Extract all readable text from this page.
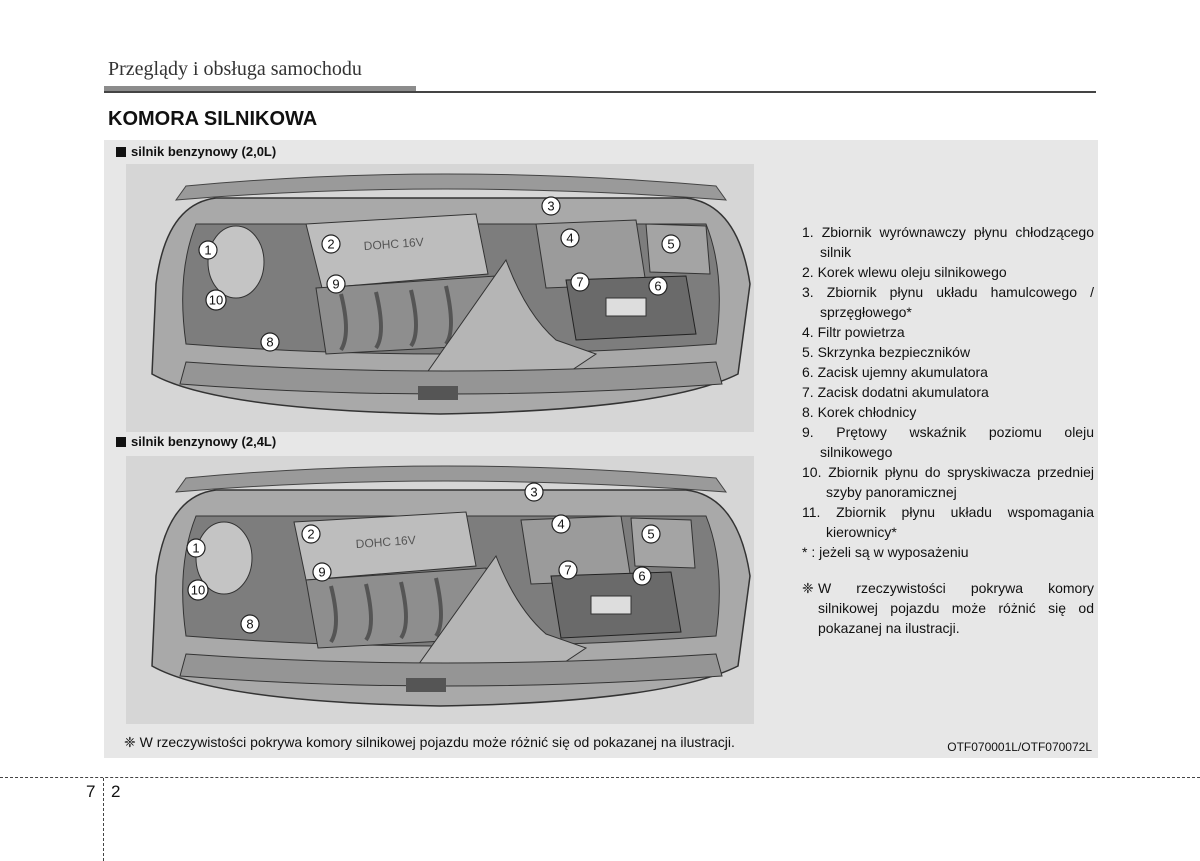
Przeglądy i obsługa samochodu
KOMORA SILNIKOWA
silnik benzynowy (2,0L)
DOHC 16V
1	2
3
4	5
6
7
8
9
10
silnik benzynowy (2,4L)
DOHC 16V
1
2
3
4
5
6
7
8
9
10

1. Zbiornik wyrównawczy płynu chłodzącego silnik

2. Korek wlewu oleju silnikowego

3. Zbiornik płynu układu hamulcowego / sprzęgłowego*

4. Filtr powietrza

5. Skrzynka bezpieczników

6. Zacisk ujemny akumulatora

7. Zacisk dodatni akumulatora

8. Korek chłodnicy

9. Prętowy wskaźnik poziomu oleju silnikowego

10. Zbiornik płynu do spryskiwacza przedniej szyby panoramicznej

11. Zbiornik płynu układu wspomagania kierownicy*

* : jeżeli są w wyposażeniu

❈ W rzeczywistości pokrywa komory silnikowej pojazdu może różnić się od pokazanej na ilustracji.
❈ W rzeczywistości pokrywa komory silnikowej pojazdu może różnić się od pokazanej na ilustracji.	OTF070001L/OTF070072L
7 2
